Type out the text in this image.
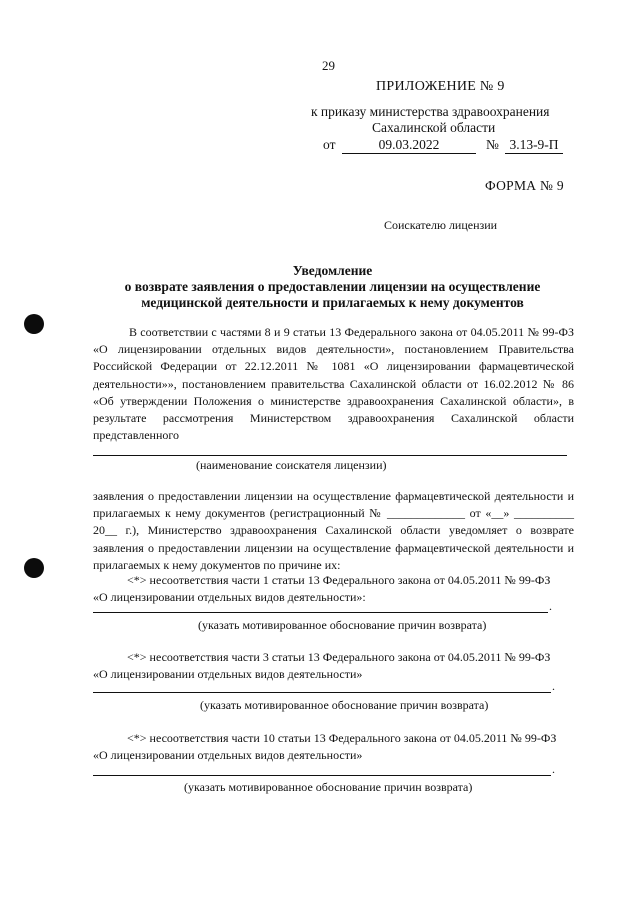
29
ПРИЛОЖЕНИЕ № 9
к приказу министерства здравоохранения
Сахалинской области
от	09.03.2022	№ 3.13-9-П
ФОРМА № 9
Соискателю лицензии
Уведомление
о возврате заявления о предоставлении лицензии на осуществление
медицинской деятельности и прилагаемых к нему документов
В соответствии с частями 8 и 9 статьи 13 Федерального закона от 04.05.2011 № 99-ФЗ «О лицензировании отдельных видов деятельности», постановлением Правительства Российской Федерации от 22.12.2011 № 1081 «О лицензировании фармацевтической деятельности»», постановлением правительства Сахалинской области от 16.02.2012 № 86 «Об утверждении Положения о министерстве здравоохранения Сахалинской области», в результате рассмотрения Министерством здравоохранения Сахалинской области представленного
(наименование соискателя лицензии)
заявления о предоставлении лицензии на осуществление фармацевтической деятельности и прилагаемых к нему документов (регистрационный № _____________ от «__» __________ 20__ г.), Министерство здравоохранения Сахалинской области уведомляет о возврате заявления о предоставлении лицензии на осуществление фармацевтической деятельности и прилагаемых к нему документов по причине их:
<*> несоответствия части 1 статьи 13 Федерального закона от 04.05.2011 № 99-ФЗ
«О лицензировании отдельных видов деятельности»:
.
(указать мотивированное обоснование причин возврата)
<*> несоответствия части 3 статьи 13 Федерального закона от 04.05.2011 № 99-ФЗ
«О лицензировании отдельных видов деятельности»
.
(указать мотивированное обоснование причин возврата)
<*> несоответствия части 10 статьи 13 Федерального закона от 04.05.2011 № 99-ФЗ
«О лицензировании отдельных видов деятельности»
.
(указать мотивированное обоснование причин возврата)
